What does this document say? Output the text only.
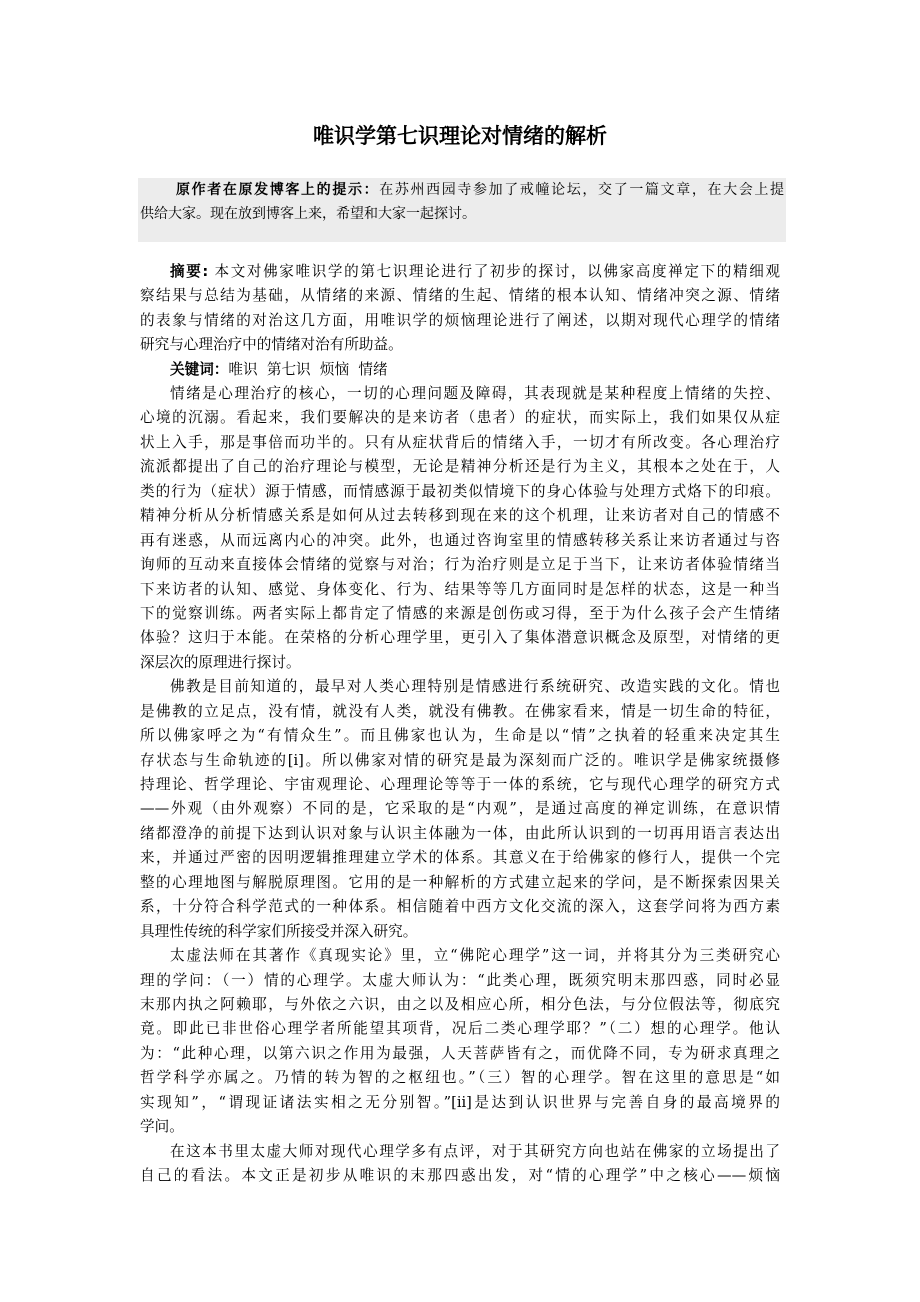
唯识学第七识理论对情绪的解析
原作者在原发博客上的提示：在苏州西园寺参加了戒幢论坛，交了一篇文章，在大会上提
供给大家。现在放到博客上来，希望和大家一起探讨。
摘要: 本文对佛家唯识学的第七识理论进行了初步的探讨，以佛家高度禅定下的精细观
察结果与总结为基础，从情绪的来源、情绪的生起、情绪的根本认知、情绪冲突之源、情绪
的表象与情绪的对治这几方面，用唯识学的烦恼理论进行了阐述，以期对现代心理学的情绪
研究与心理治疗中的情绪对治有所助益。
关键词：唯识  第七识  烦恼  情绪
情绪是心理治疗的核心，一切的心理问题及障碍，其表现就是某种程度上情绪的失控、
心境的沉溺。看起来，我们要解决的是来访者（患者）的症状，而实际上，我们如果仅从症
状上入手，那是事倍而功半的。只有从症状背后的情绪入手，一切才有所改变。各心理治疗
流派都提出了自己的治疗理论与模型，无论是精神分析还是行为主义，其根本之处在于，人
类的行为（症状）源于情感，而情感源于最初类似情境下的身心体验与处理方式烙下的印痕。
精神分析从分析情感关系是如何从过去转移到现在来的这个机理，让来访者对自己的情感不
再有迷惑，从而远离内心的冲突。此外，也通过咨询室里的情感转移关系让来访者通过与咨
询师的互动来直接体会情绪的觉察与对治；行为治疗则是立足于当下，让来访者体验情绪当
下来访者的认知、感觉、身体变化、行为、结果等等几方面同时是怎样的状态，这是一种当
下的觉察训练。两者实际上都肯定了情感的来源是创伤或习得，至于为什么孩子会产生情绪
体验？这归于本能。在荣格的分析心理学里，更引入了集体潜意识概念及原型，对情绪的更
深层次的原理进行探讨。
佛教是目前知道的，最早对人类心理特别是情感进行系统研究、改造实践的文化。情也
是佛教的立足点，没有情，就没有人类，就没有佛教。在佛家看来，情是一切生命的特征，
所以佛家呼之为“有情众生”。而且佛家也认为，生命是以“情”之执着的轻重来决定其生
存状态与生命轨迹的[i]。所以佛家对情的研究是最为深刻而广泛的。唯识学是佛家统摄修
持理论、哲学理论、宇宙观理论、心理理论等等于一体的系统，它与现代心理学的研究方式
——外观（由外观察）不同的是，它采取的是“内观”，是通过高度的禅定训练，在意识情
绪都澄净的前提下达到认识对象与认识主体融为一体，由此所认识到的一切再用语言表达出
来，并通过严密的因明逻辑推理建立学术的体系。其意义在于给佛家的修行人，提供一个完
整的心理地图与解脱原理图。它用的是一种解析的方式建立起来的学问，是不断探索因果关
系，十分符合科学范式的一种体系。相信随着中西方文化交流的深入，这套学问将为西方素
具理性传统的科学家们所接受并深入研究。
太虚法师在其著作《真现实论》里，立“佛陀心理学”这一词，并将其分为三类研究心
理的学问：（一）情的心理学。太虚大师认为：“此类心理，既须究明末那四惑，同时必显
末那内执之阿赖耶，与外依之六识，由之以及相应心所，相分色法，与分位假法等，彻底究
竟。即此已非世俗心理学者所能望其项背，况后二类心理学耶？”（二）想的心理学。他认
为：“此种心理，以第六识之作用为最强，人天菩萨皆有之，而优降不同，专为研求真理之
哲学科学亦属之。乃情的转为智的之枢纽也。”（三）智的心理学。智在这里的意思是“如
实现知”，“谓现证诸法实相之无分别智。”[ii]是达到认识世界与完善自身的最高境界的
学问。
在这本书里太虚大师对现代心理学多有点评，对于其研究方向也站在佛家的立场提出了
自己的看法。本文正是初步从唯识的末那四惑出发，对“情的心理学”中之核心——烦恼
